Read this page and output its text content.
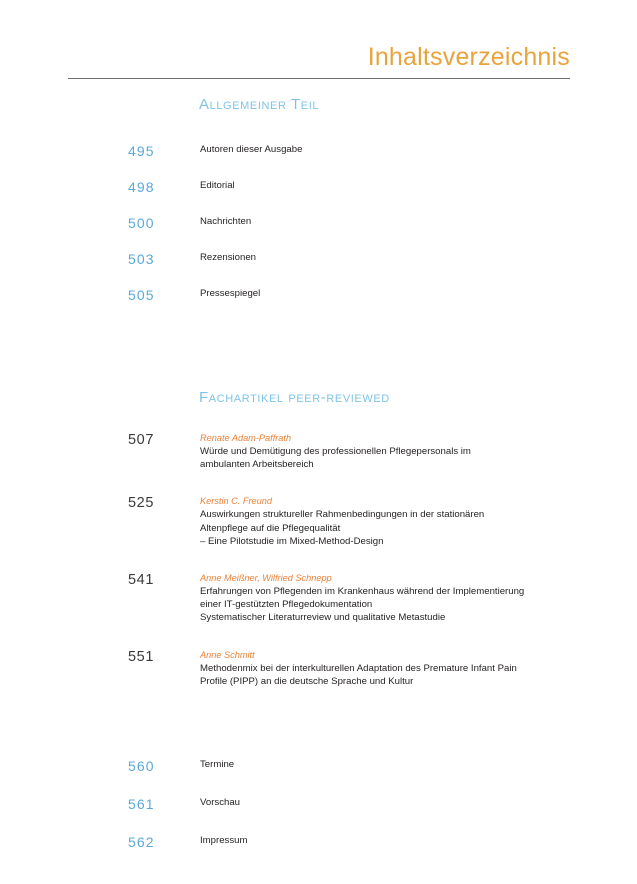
Inhaltsverzeichnis
Allgemeiner Teil
495	Autoren dieser Ausgabe
498	Editorial
500	Nachrichten
503	Rezensionen
505	Pressespiegel
Fachartikel peer-reviewed
507	Renate Adam-Paffrath
Würde und Demütigung des professionellen Pflegepersonals im
ambulanten Arbeitsbereich
525	Kerstin C. Freund
Auswirkungen struktureller Rahmenbedingungen in der stationären
Altenpflege auf die Pflegequalität
– Eine Pilotstudie im Mixed-Method-Design
541	Anne Meißner, Wilfried Schnepp
Erfahrungen von Pflegenden im Krankenhaus während der Implementierung
einer IT-gestützten Pflegedokumentation
Systematischer Literaturreview und qualitative Metastudie
551	Anne Schmitt
Methodenmix bei der interkulturellen Adaptation des Premature Infant Pain
Profile (PIPP) an die deutsche Sprache und Kultur
560	Termine
561	Vorschau
562	Impressum
